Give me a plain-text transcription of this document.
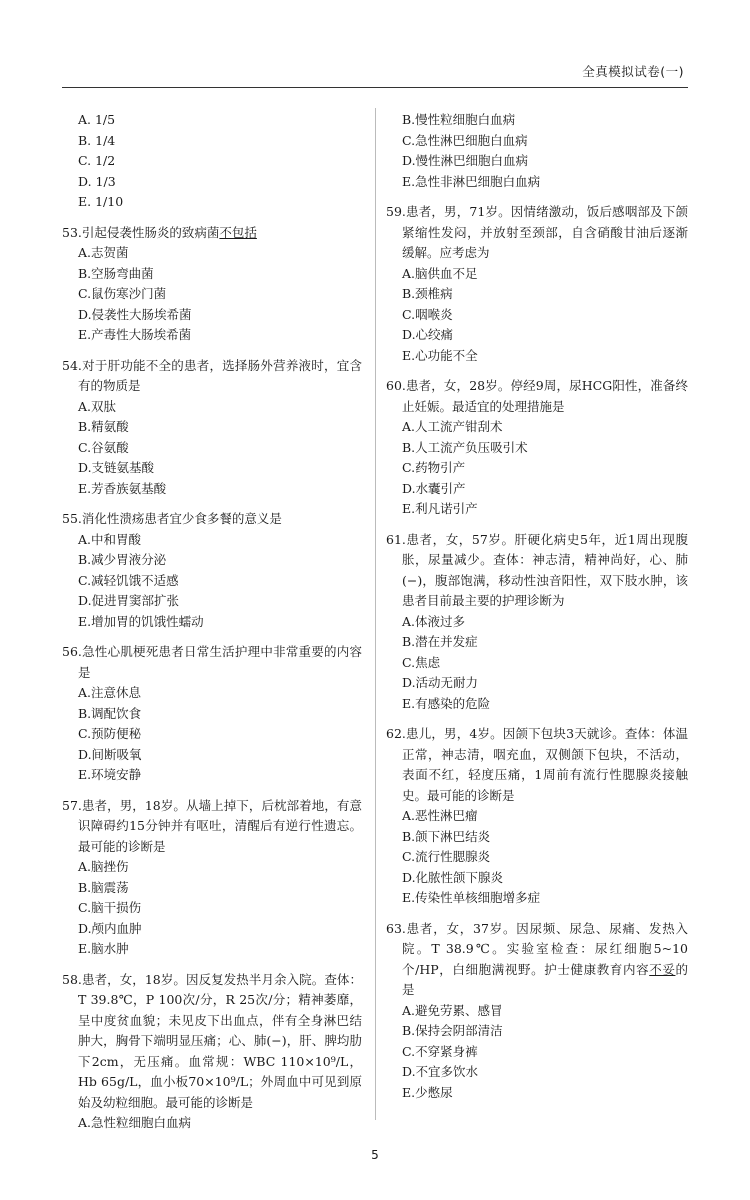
全真模拟试卷(一)
A. 1/5
B. 1/4
C. 1/2
D. 1/3
E. 1/10
53.引起侵袭性肠炎的致病菌不包括
A.志贺菌
B.空肠弯曲菌
C.鼠伤寒沙门菌
D.侵袭性大肠埃希菌
E.产毒性大肠埃希菌
54.对于肝功能不全的患者，选择肠外营养液时，宜含有的物质是
A.双肽
B.精氨酸
C.谷氨酸
D.支链氨基酸
E.芳香族氨基酸
55.消化性溃疡患者宜少食多餐的意义是
A.中和胃酸
B.减少胃液分泌
C.减轻饥饿不适感
D.促进胃窦部扩张
E.增加胃的饥饿性蠕动
56.急性心肌梗死患者日常生活护理中非常重要的内容是
A.注意休息
B.调配饮食
C.预防便秘
D.间断吸氧
E.环境安静
57.患者，男，18岁。从墙上掉下，后枕部着地，有意识障碍约15分钟并有呕吐，清醒后有逆行性遗忘。最可能的诊断是
A.脑挫伤
B.脑震荡
C.脑干损伤
D.颅内血肿
E.脑水肿
58.患者，女，18岁。因反复发热半月余入院。查体：T 39.8℃，P 100次/分，R 25次/分；精神萎靡，呈中度贫血貌；未见皮下出血点，伴有全身淋巴结肿大，胸骨下端明显压痛；心、肺(−)，肝、脾均肋下2cm，无压痛。血常规：WBC 110×10⁹/L，Hb 65g/L，血小板70×10⁹/L；外周血中可见到原始及幼粒细胞。最可能的诊断是
A.急性粒细胞白血病
B.慢性粒细胞白血病
C.急性淋巴细胞白血病
D.慢性淋巴细胞白血病
E.急性非淋巴细胞白血病
59.患者，男，71岁。因情绪激动，饭后感咽部及下颌紧缩性发闷，并放射至颈部，自含硝酸甘油后逐渐缓解。应考虑为
A.脑供血不足
B.颈椎病
C.咽喉炎
D.心绞痛
E.心功能不全
60.患者，女，28岁。停经9周，尿HCG阳性，准备终止妊娠。最适宜的处理措施是
A.人工流产钳刮术
B.人工流产负压吸引术
C.药物引产
D.水囊引产
E.利凡诺引产
61.患者，女，57岁。肝硬化病史5年，近1周出现腹胀，尿量减少。查体：神志清，精神尚好，心、肺(−)，腹部饱满，移动性浊音阳性，双下肢水肿，该患者目前最主要的护理诊断为
A.体液过多
B.潜在并发症
C.焦虑
D.活动无耐力
E.有感染的危险
62.患儿，男，4岁。因颌下包块3天就诊。查体：体温正常，神志清，咽充血，双侧颌下包块，不活动，表面不红，轻度压痛，1周前有流行性腮腺炎接触史。最可能的诊断是
A.恶性淋巴瘤
B.颌下淋巴结炎
C.流行性腮腺炎
D.化脓性颌下腺炎
E.传染性单核细胞增多症
63.患者，女，37岁。因尿频、尿急、尿痛、发热入院。T 38.9℃。实验室检查：尿红细胞5~10个/HP，白细胞满视野。护士健康教育内容不妥的是
A.避免劳累、感冒
B.保持会阴部清洁
C.不穿紧身裤
D.不宜多饮水
E.少憋尿
5
